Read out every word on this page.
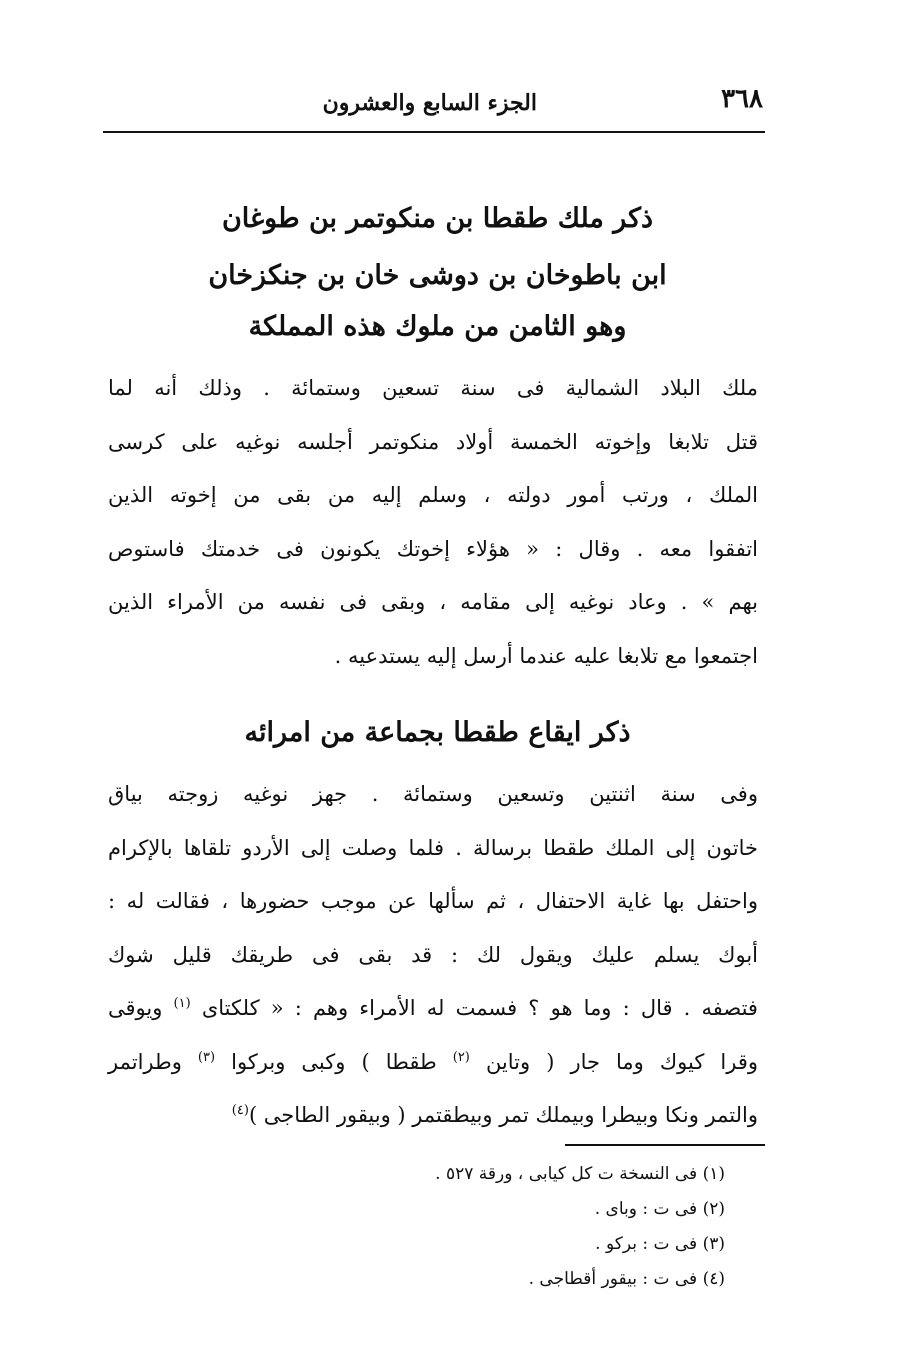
٣٦٨
الجزء السابع والعشرون
ذكر ملك طقطا بن منكوتمر بن طوغان
ابن باطوخان بن دوشى خان بن جنكزخان
وهو الثامن من ملوك هذه المملكة
ملك البلاد الشمالية فى سنة تسعين وستمائة . وذلك أنه لما
قتل تلابغا وإخوته الخمسة أولاد منكوتمر أجلسه نوغيه على كرسى
الملك ، ورتب أمور دولته ، وسلم إليه من بقى من إخوته الذين
اتفقوا معه . وقال : « هؤلاء إخوتك يكونون فى خدمتك فاستوص
بهم » . وعاد نوغيه إلى مقامه ، وبقى فى نفسه من الأمراء الذين
اجتمعوا مع تلابغا عليه عندما أرسل إليه يستدعيه .
ذكر ايقاع طقطا بجماعة من امرائه
وفى سنة اثنتين وتسعين وستمائة . جهز نوغيه زوجته بياق
خاتون إلى الملك طقطا برسالة . فلما وصلت إلى الأردو تلقاها بالإكرام
واحتفل بها غاية الاحتفال ، ثم سألها عن موجب حضورها ، فقالت له :
أبوك يسلم عليك ويقول لك : قد بقى فى طريقك قليل شوك
فتصفه . قال : وما هو ؟ فسمت له الأمراء وهم : « كلكتاى $^{(١)}$ ويوقى
وقرا كيوك وما جار ( وتاين $^{(٢)}$ طقطا ) وكبى وبركوا $^{(٣)}$ وطراتمر
والتمر ونكا وبيطرا وبيملك تمر وبيطقتمر ( وبيقور الطاجى )$^{(٤)}$
(١) فى النسخة ت كل كيابى ، ورقة ٥٢٧ .
(٢) فى ت : وباى .
(٣) فى ت : بركو .
(٤) فى ت : بيقور أقطاجى .
